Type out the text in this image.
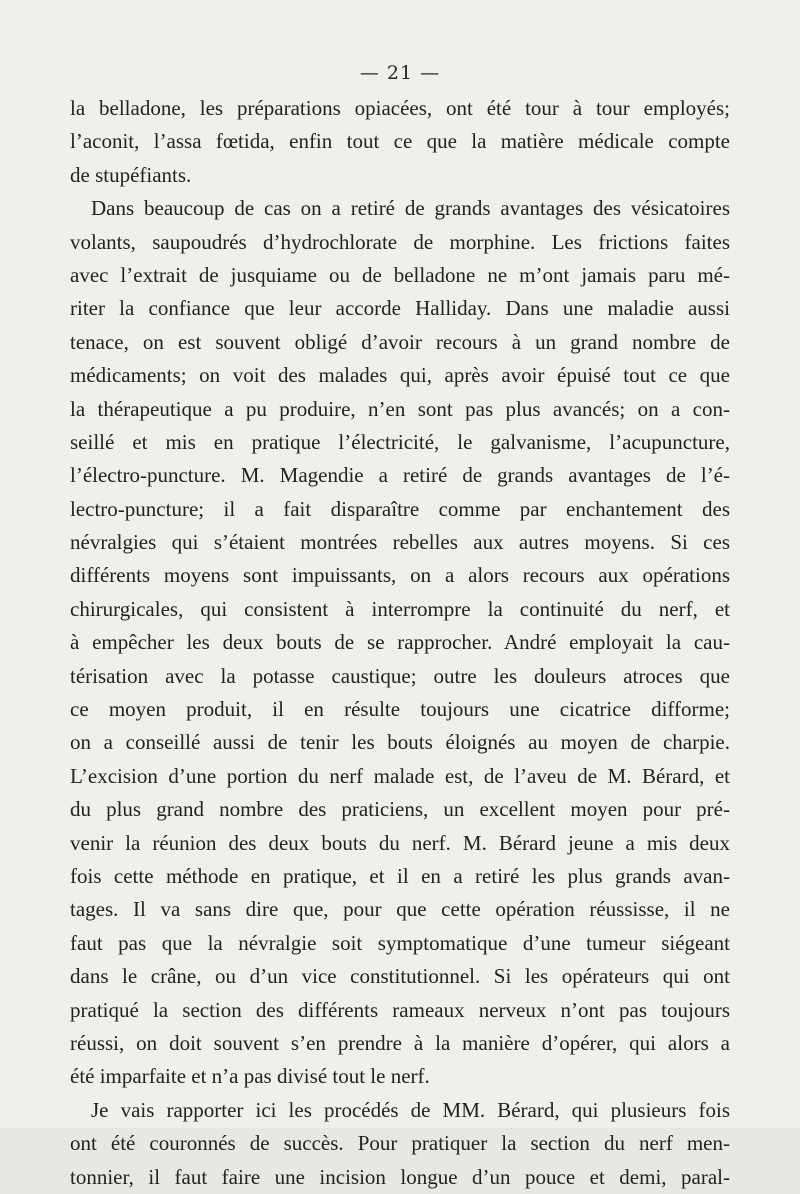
— 21 —
la belladone, les préparations opiacées, ont été tour à tour employés;
l’aconit, l’assa fœtida, enfin tout ce que la matière médicale compte
de stupéfiants.
Dans beaucoup de cas on a retiré de grands avantages des vésicatoires
volants, saupoudrés d’hydrochlorate de morphine. Les frictions faites
avec l’extrait de jusquiame ou de belladone ne m’ont jamais paru mé-
riter la confiance que leur accorde Halliday. Dans une maladie aussi
tenace, on est souvent obligé d’avoir recours à un grand nombre de
médicaments; on voit des malades qui, après avoir épuisé tout ce que
la thérapeutique a pu produire, n’en sont pas plus avancés; on a con-
seillé et mis en pratique l’électricité, le galvanisme, l’acupuncture,
l’électro-puncture. M. Magendie a retiré de grands avantages de l’é-
lectro-puncture; il a fait disparaître comme par enchantement des
névralgies qui s’étaient montrées rebelles aux autres moyens. Si ces
différents moyens sont impuissants, on a alors recours aux opérations
chirurgicales, qui consistent à interrompre la continuité du nerf, et
à empêcher les deux bouts de se rapprocher. André employait la cau-
térisation avec la potasse caustique; outre les douleurs atroces que
ce moyen produit, il en résulte toujours une cicatrice difforme;
on a conseillé aussi de tenir les bouts éloignés au moyen de charpie.
L’excision d’une portion du nerf malade est, de l’aveu de M. Bérard, et
du plus grand nombre des praticiens, un excellent moyen pour pré-
venir la réunion des deux bouts du nerf. M. Bérard jeune a mis deux
fois cette méthode en pratique, et il en a retiré les plus grands avan-
tages. Il va sans dire que, pour que cette opération réussisse, il ne
faut pas que la névralgie soit symptomatique d’une tumeur siégeant
dans le crâne, ou d’un vice constitutionnel. Si les opérateurs qui ont
pratiqué la section des différents rameaux nerveux n’ont pas toujours
réussi, on doit souvent s’en prendre à la manière d’opérer, qui alors a
été imparfaite et n’a pas divisé tout le nerf.
Je vais rapporter ici les procédés de MM. Bérard, qui plusieurs fois
ont été couronnés de succès. Pour pratiquer la section du nerf men-
tonnier, il faut faire une incision longue d’un pouce et demi, paral-
